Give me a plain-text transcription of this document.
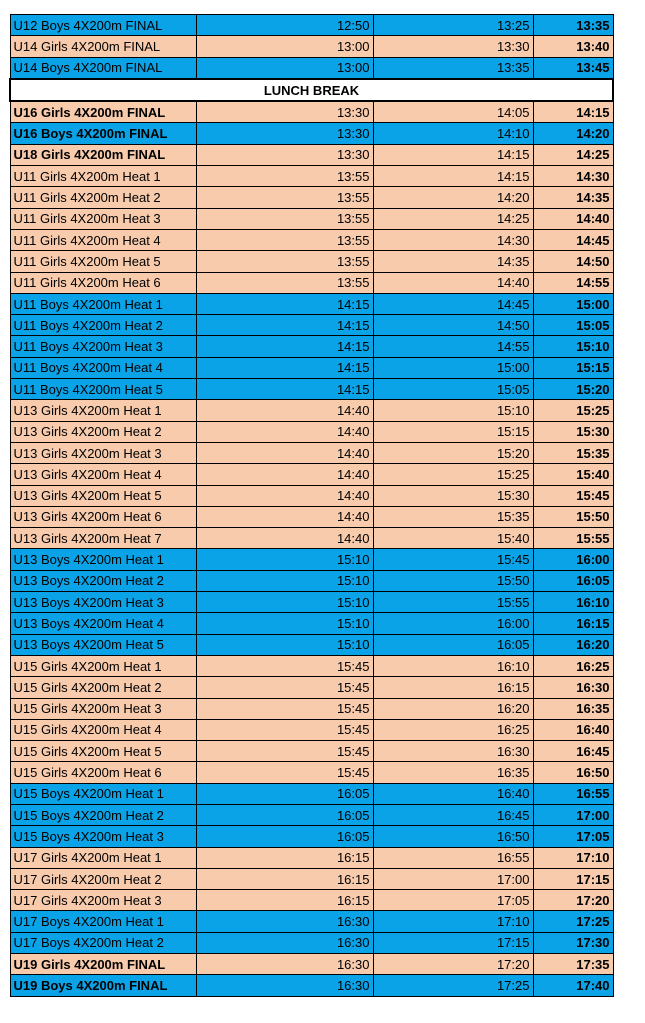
U12 Boys 4X200m FINAL	12:50	13:25	13:35
U14 Girls 4X200m FINAL	13:00	13:30	13:40
U14 Boys 4X200m FINAL	13:00	13:35	13:45
LUNCH BREAK			
U16 Girls 4X200m FINAL	13:30	14:05	14:15
U16 Boys 4X200m FINAL	13:30	14:10	14:20
U18 Girls 4X200m FINAL	13:30	14:15	14:25
U11 Girls 4X200m Heat 1	13:55	14:15	14:30
U11 Girls 4X200m Heat 2	13:55	14:20	14:35
U11 Girls 4X200m Heat 3	13:55	14:25	14:40
U11 Girls 4X200m Heat 4	13:55	14:30	14:45
U11 Girls 4X200m Heat 5	13:55	14:35	14:50
U11 Girls 4X200m Heat 6	13:55	14:40	14:55
U11 Boys 4X200m Heat 1	14:15	14:45	15:00
U11 Boys 4X200m Heat 2	14:15	14:50	15:05
U11 Boys 4X200m Heat 3	14:15	14:55	15:10
U11 Boys 4X200m Heat 4	14:15	15:00	15:15
U11 Boys 4X200m Heat 5	14:15	15:05	15:20
U13 Girls 4X200m Heat 1	14:40	15:10	15:25
U13 Girls 4X200m Heat 2	14:40	15:15	15:30
U13 Girls 4X200m Heat 3	14:40	15:20	15:35
U13 Girls 4X200m Heat 4	14:40	15:25	15:40
U13 Girls 4X200m Heat 5	14:40	15:30	15:45
U13 Girls 4X200m Heat 6	14:40	15:35	15:50
U13 Girls 4X200m Heat 7	14:40	15:40	15:55
U13 Boys 4X200m Heat 1	15:10	15:45	16:00
U13 Boys 4X200m Heat 2	15:10	15:50	16:05
U13 Boys 4X200m Heat 3	15:10	15:55	16:10
U13 Boys 4X200m Heat 4	15:10	16:00	16:15
U13 Boys 4X200m Heat 5	15:10	16:05	16:20
U15 Girls 4X200m Heat 1	15:45	16:10	16:25
U15 Girls 4X200m Heat 2	15:45	16:15	16:30
U15 Girls 4X200m Heat 3	15:45	16:20	16:35
U15 Girls 4X200m Heat 4	15:45	16:25	16:40
U15 Girls 4X200m Heat 5	15:45	16:30	16:45
U15 Girls 4X200m Heat 6	15:45	16:35	16:50
U15 Boys 4X200m Heat 1	16:05	16:40	16:55
U15 Boys 4X200m Heat 2	16:05	16:45	17:00
U15 Boys 4X200m Heat 3	16:05	16:50	17:05
U17 Girls 4X200m Heat 1	16:15	16:55	17:10
U17 Girls 4X200m Heat 2	16:15	17:00	17:15
U17 Girls 4X200m Heat 3	16:15	17:05	17:20
U17 Boys 4X200m Heat 1	16:30	17:10	17:25
U17 Boys 4X200m Heat 2	16:30	17:15	17:30
U19 Girls 4X200m FINAL	16:30	17:20	17:35
U19 Boys 4X200m FINAL	16:30	17:25	17:40
